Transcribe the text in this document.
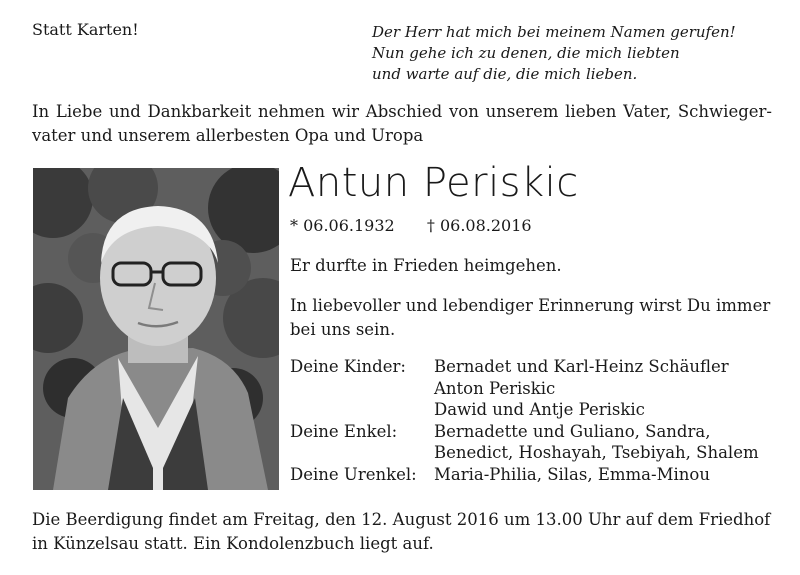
Statt Karten!	Der Herr hat mich bei meinem Namen gerufen!
Nun gehe ich zu denen, die mich liebten
und warte auf die, die mich lieben.
In Liebe und Dankbarkeit nehmen wir Abschied von unserem lieben Vater, Schwieger-
vater und unserem allerbesten Opa und Uropa
Antun Periskic
* 06.06.1932 † 06.08.2016
Er durfte in Frieden heimgehen.
In liebevoller und lebendiger Erinnerung wirst Du immer
bei uns sein.
Deine Kinder:	Bernadet und Karl-Heinz Schäufler
Anton Periskic
Dawid und Antje Periskic
Deine Enkel:	Bernadette und Guliano, Sandra,
Benedict, Hoshayah, Tsebiyah, Shalem
Deine Urenkel:	Maria-Philia, Silas, Emma-Minou
Die Beerdigung findet am Freitag, den 12. August 2016 um 13.00 Uhr auf dem Friedhof
in Künzelsau statt. Ein Kondolenzbuch liegt auf.
